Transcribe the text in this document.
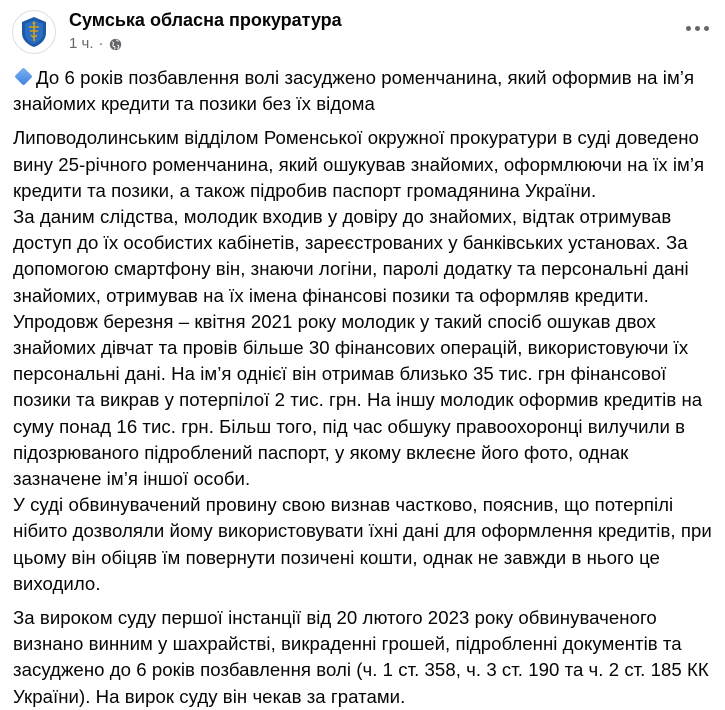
Сумська обласна прокуратура
1 ч. ·

До 6 років позбавлення волі засуджено роменчанина, який оформив на ім’я знайомих кредити та позики без їх відома

Липоводолинським відділом Роменської окружної прокуратури в суді доведено вину 25-річного роменчанина, який ошукував знайомих, оформлюючи на їх ім’я кредити та позики, а також підробив паспорт громадянина України.

За даним слідства, молодик входив у довіру до знайомих, відтак отримував доступ до їх особистих кабінетів, зареєстрованих у банківських установах. За допомогою смартфону він, знаючи логіни, паролі додатку та персональні дані знайомих, отримував на їх імена фінансові позики та оформляв кредити.

Упродовж березня – квітня 2021 року молодик у такий спосіб ошукав двох знайомих дівчат та провів більше 30 фінансових операцій, використовуючи їх персональні дані. На ім’я однієї він отримав близько 35 тис. грн фінансової позики та викрав у потерпілої 2 тис. грн. На іншу молодик оформив кредитів на суму понад 16 тис. грн. Більш того, під час обшуку правоохоронці вилучили в підозрюваного підроблений паспорт, у якому вклеєне його фото, однак зазначене ім’я іншої особи.

У суді обвинувачений провину свою визнав частково, пояснив, що потерпілі нібито дозволяли йому використовувати їхні дані для оформлення кредитів, при цьому він обіцяв їм повернути позичені кошти, однак не завжди в нього це виходило.

За вироком суду першої інстанції від 20 лютого 2023 року обвинуваченого визнано винним у шахрайстві, викраденні грошей, підробленні документів та засуджено до 6 років позбавлення волі (ч. 1 ст. 358, ч. 3 ст. 190 та ч. 2 ст. 185 КК України). На вирок суду він чекав за гратами.
